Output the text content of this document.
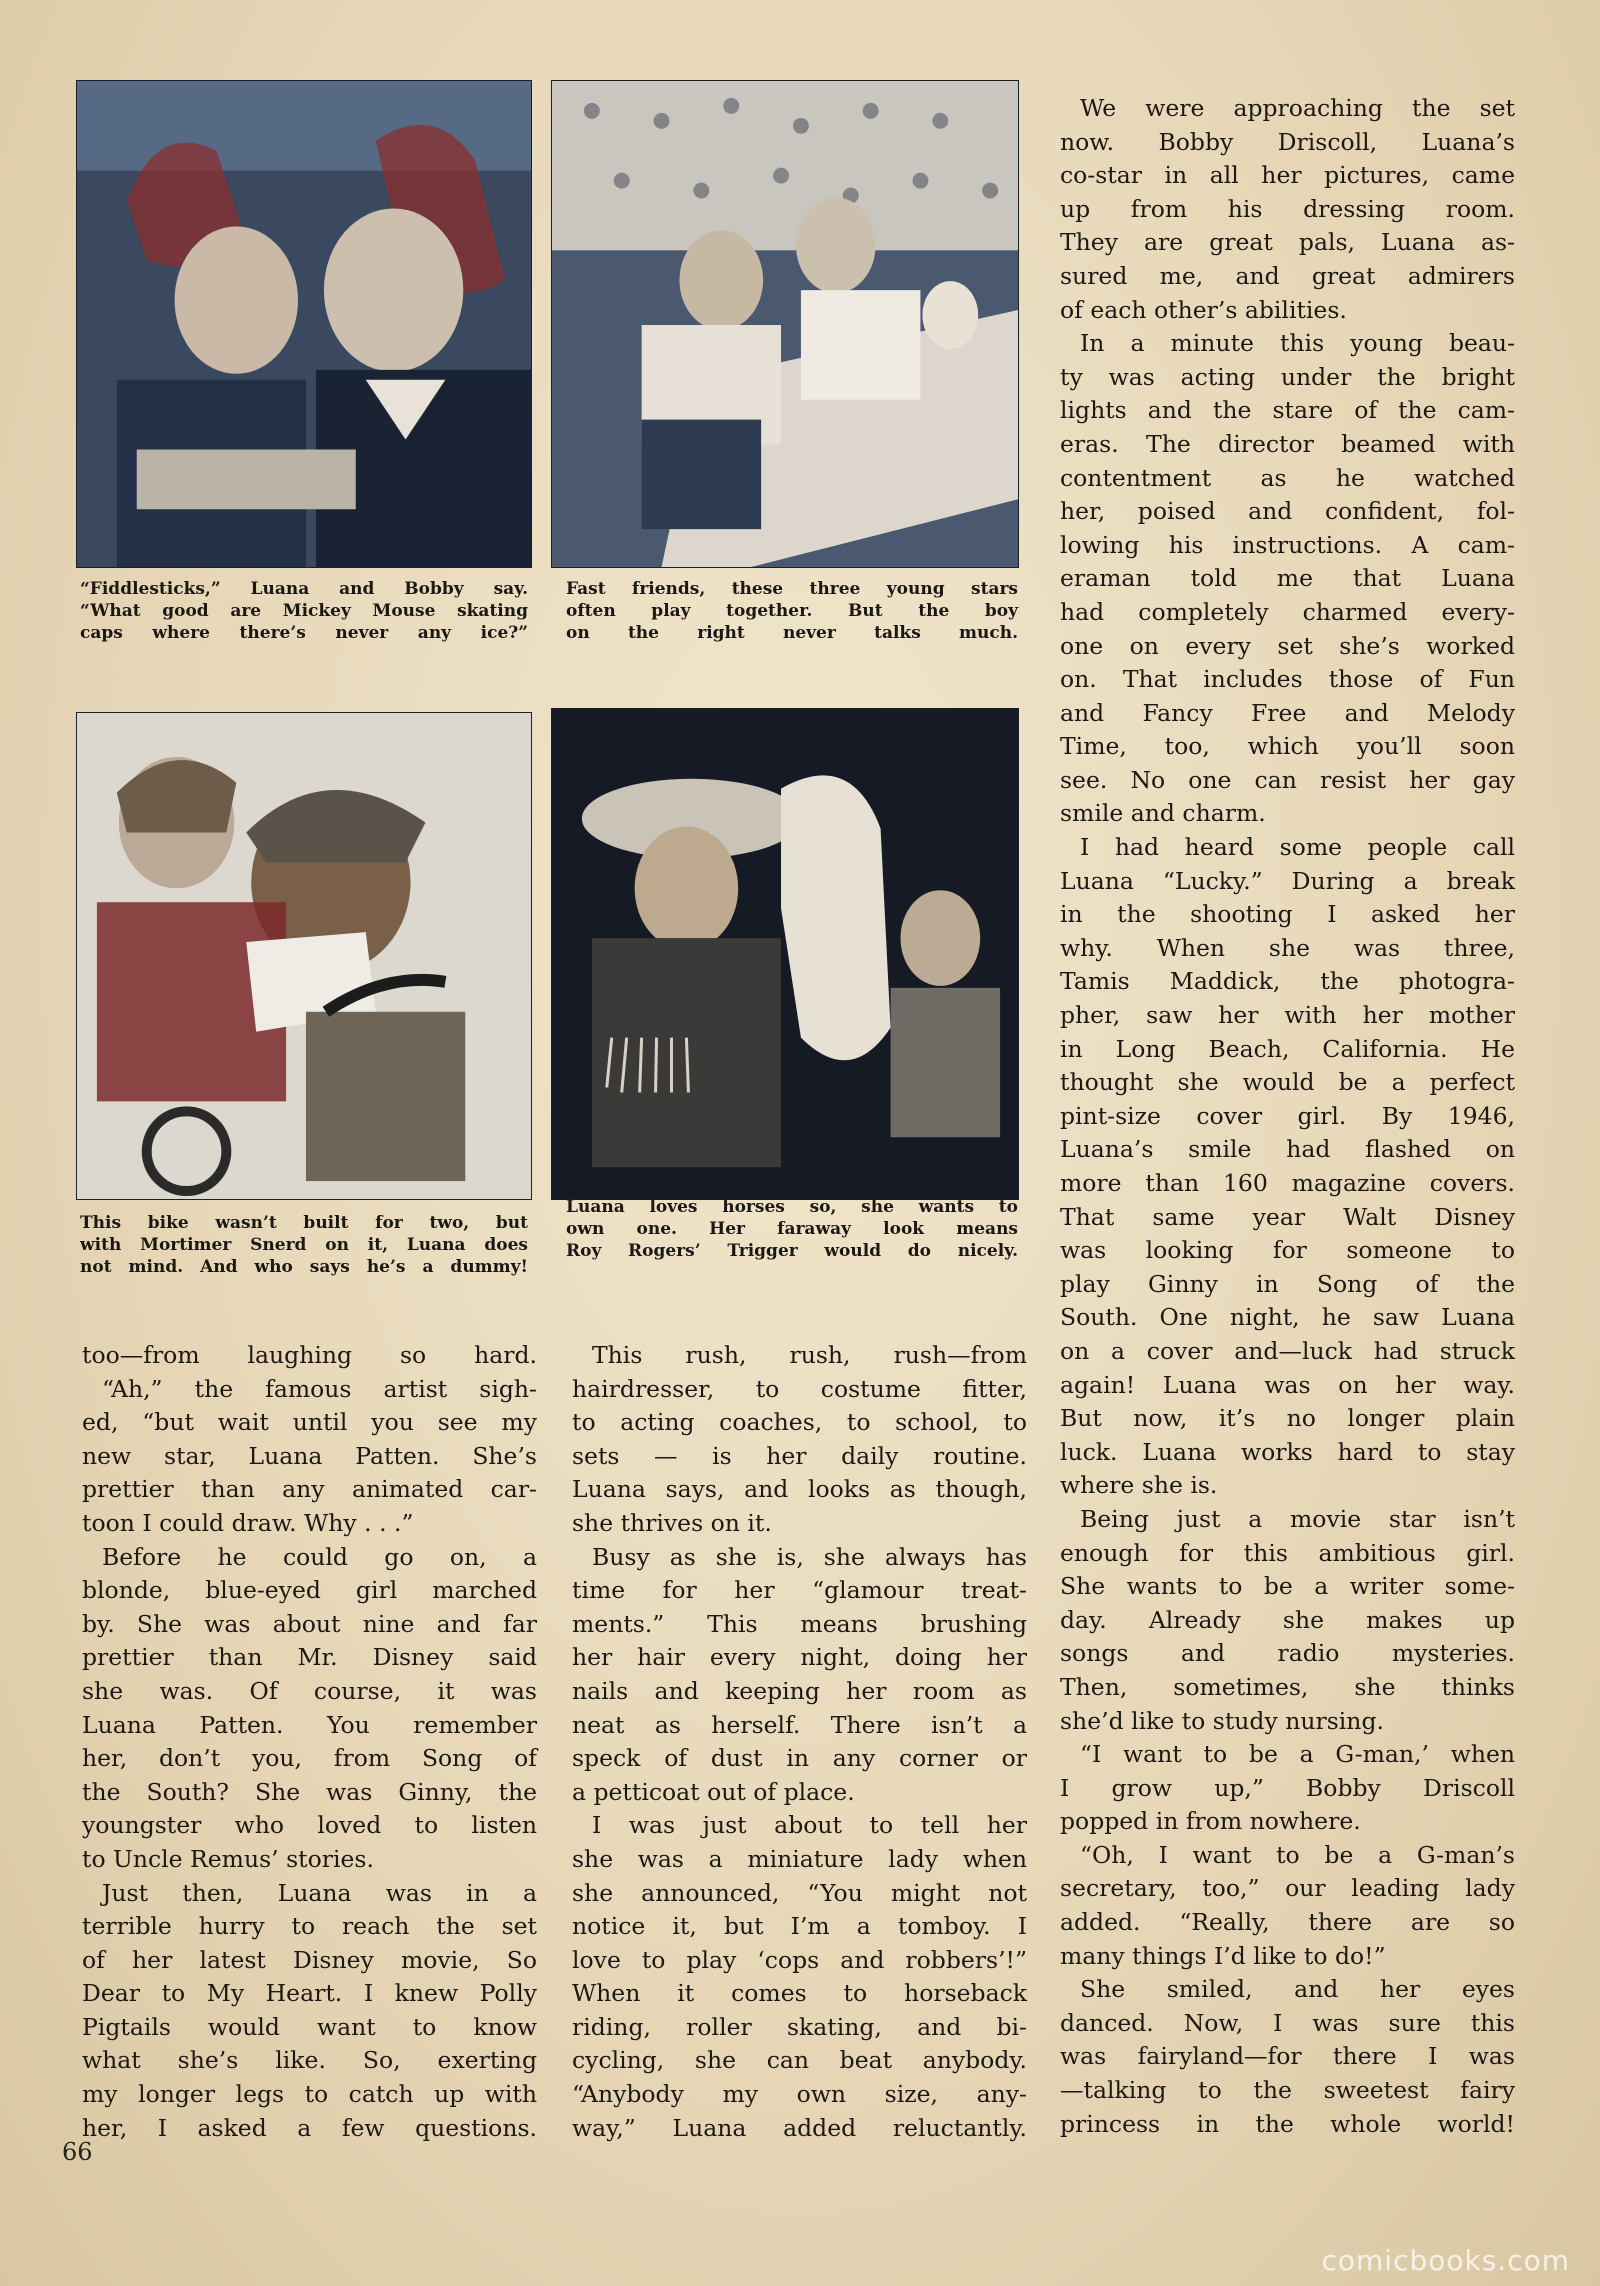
“Fiddlesticks,” Luana and Bobby say.
“What good are Mickey Mouse skating
caps where there’s never any ice?”
Fast friends, these three young stars
often play together. But the boy
on the right never talks much.
This bike wasn’t built for two, but
with Mortimer Snerd on it, Luana does
not mind. And who says he’s a dummy!
Luana loves horses so, she wants to
own one. Her faraway look means
Roy Rogers’ Trigger would do nicely.
too—from laughing so hard.
“Ah,” the famous artist sigh-
ed, “but wait until you see my
new star, Luana Patten. She’s
prettier than any animated car-
toon I could draw. Why . . .”
Before he could go on, a
blonde, blue-eyed girl marched
by. She was about nine and far
prettier than Mr. Disney said
she was. Of course, it was
Luana Patten. You remember
her, don’t you, from Song of
the South? She was Ginny, the
youngster who loved to listen
to Uncle Remus’ stories.
Just then, Luana was in a
terrible hurry to reach the set
of her latest Disney movie, So
Dear to My Heart. I knew Polly
Pigtails would want to know
what she’s like. So, exerting
my longer legs to catch up with
her, I asked a few questions.
This rush, rush, rush—from
hairdresser, to costume fitter,
to acting coaches, to school, to
sets — is her daily routine.
Luana says, and looks as though,
she thrives on it.
Busy as she is, she always has
time for her “glamour treat-
ments.” This means brushing
her hair every night, doing her
nails and keeping her room as
neat as herself. There isn’t a
speck of dust in any corner or
a petticoat out of place.
I was just about to tell her
she was a miniature lady when
she announced, “You might not
notice it, but I’m a tomboy. I
love to play ‘cops and robbers’!”
When it comes to horseback
riding, roller skating, and bi-
cycling, she can beat anybody.
“Anybody my own size, any-
way,” Luana added reluctantly.
We were approaching the set
now. Bobby Driscoll, Luana’s
co-star in all her pictures, came
up from his dressing room.
They are great pals, Luana as-
sured me, and great admirers
of each other’s abilities.
In a minute this young beau-
ty was acting under the bright
lights and the stare of the cam-
eras. The director beamed with
contentment as he watched
her, poised and confident, fol-
lowing his instructions. A cam-
eraman told me that Luana
had completely charmed every-
one on every set she’s worked
on. That includes those of Fun
and Fancy Free and Melody
Time, too, which you’ll soon
see. No one can resist her gay
smile and charm.
I had heard some people call
Luana “Lucky.” During a break
in the shooting I asked her
why. When she was three,
Tamis Maddick, the photogra-
pher, saw her with her mother
in Long Beach, California. He
thought she would be a perfect
pint-size cover girl. By 1946,
Luana’s smile had flashed on
more than 160 magazine covers.
That same year Walt Disney
was looking for someone to
play Ginny in Song of the
South. One night, he saw Luana
on a cover and—luck had struck
again! Luana was on her way.
But now, it’s no longer plain
luck. Luana works hard to stay
where she is.
Being just a movie star isn’t
enough for this ambitious girl.
She wants to be a writer some-
day. Already she makes up
songs and radio mysteries.
Then, sometimes, she thinks
she’d like to study nursing.
“I want to be a G-man,’ when
I grow up,” Bobby Driscoll
popped in from nowhere.
“Oh, I want to be a G-man’s
secretary, too,” our leading lady
added. “Really, there are so
many things I’d like to do!”
She smiled, and her eyes
danced. Now, I was sure this
was fairyland—for there I was
—talking to the sweetest fairy
princess in the whole world!
66
comicbooks.com
